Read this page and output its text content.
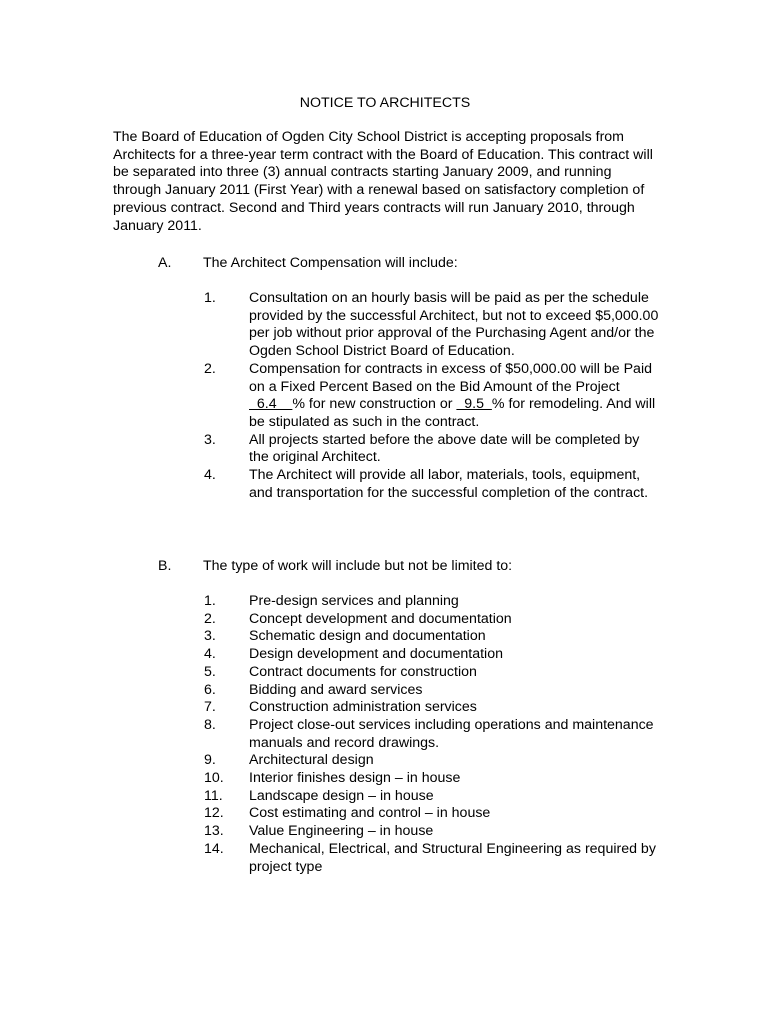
NOTICE TO ARCHITECTS

The Board of Education of Ogden City School District is accepting proposals from Architects for a three-year term contract with the Board of Education. This contract will be separated into three (3) annual contracts starting January 2009, and running through January 2011 (First Year) with a renewal based on satisfactory completion of previous contract. Second and Third years contracts will run January 2010, through January 2011.

A.	The Architect Compensation will include:
1.	Consultation on an hourly basis will be paid as per the schedule provided by the successful Architect, but not to exceed $5,000.00 per job without prior approval of the Purchasing Agent and/or the Ogden School District Board of Education.
2.	Compensation for contracts in excess of $50,000.00 will be Paid on a Fixed Percent Based on the Bid Amount of the Project   6.4    % for new construction or   9.5  % for remodeling. And will be stipulated as such in the contract.
3.	All projects started before the above date will be completed by the original Architect.
4.	The Architect will provide all labor, materials, tools, equipment, and transportation for the successful completion of the contract.
B.	The type of work will include but not be limited to:
1.	Pre-design services and planning
2.	Concept development and documentation
3.	Schematic design and documentation
4.	Design development and documentation
5.	Contract documents for construction
6.	Bidding and award services
7.	Construction administration services
8.	Project close-out services including operations and maintenance manuals and record drawings.
9.	Architectural design
10.	Interior finishes design – in house
11.	Landscape design – in house
12.	Cost estimating and control – in house
13.	Value Engineering – in house
14.	Mechanical, Electrical, and Structural Engineering as required by project type
